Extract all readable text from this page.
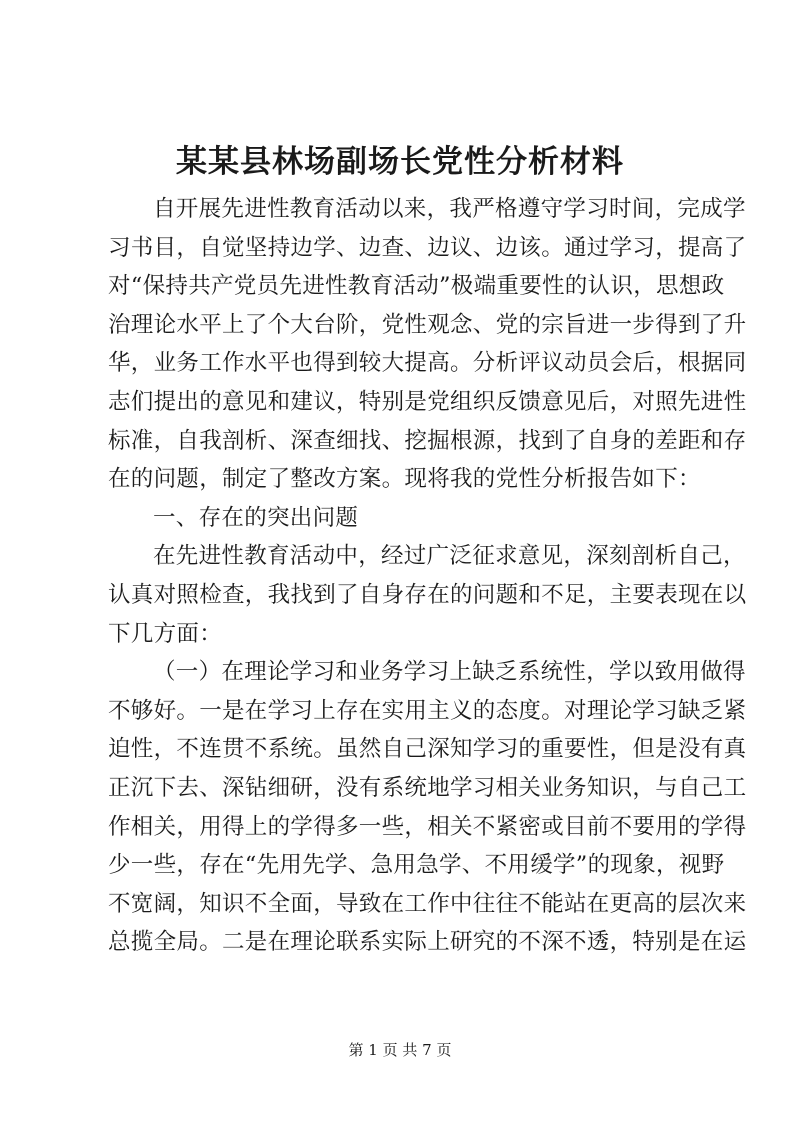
某某县林场副场长党性分析材料
自开展先进性教育活动以来，我严格遵守学习时间，完成学
习书目，自觉坚持边学、边查、边议、边该。通过学习，提高了
对“保持共产党员先进性教育活动”极端重要性的认识，思想政
治理论水平上了个大台阶，党性观念、党的宗旨进一步得到了升
华，业务工作水平也得到较大提高。分析评议动员会后，根据同
志们提出的意见和建议，特别是党组织反馈意见后，对照先进性
标准，自我剖析、深查细找、挖掘根源，找到了自身的差距和存
在的问题，制定了整改方案。现将我的党性分析报告如下：
一、存在的突出问题
在先进性教育活动中，经过广泛征求意见，深刻剖析自己，
认真对照检查，我找到了自身存在的问题和不足，主要表现在以
下几方面：
（一）在理论学习和业务学习上缺乏系统性，学以致用做得
不够好。一是在学习上存在实用主义的态度。对理论学习缺乏紧
迫性，不连贯不系统。虽然自己深知学习的重要性，但是没有真
正沉下去、深钻细研，没有系统地学习相关业务知识，与自己工
作相关，用得上的学得多一些，相关不紧密或目前不要用的学得
少一些，存在“先用先学、急用急学、不用缓学”的现象，视野
不宽阔，知识不全面，导致在工作中往往不能站在更高的层次来
总揽全局。二是在理论联系实际上研究的不深不透，特别是在运
第 1 页 共 7 页
